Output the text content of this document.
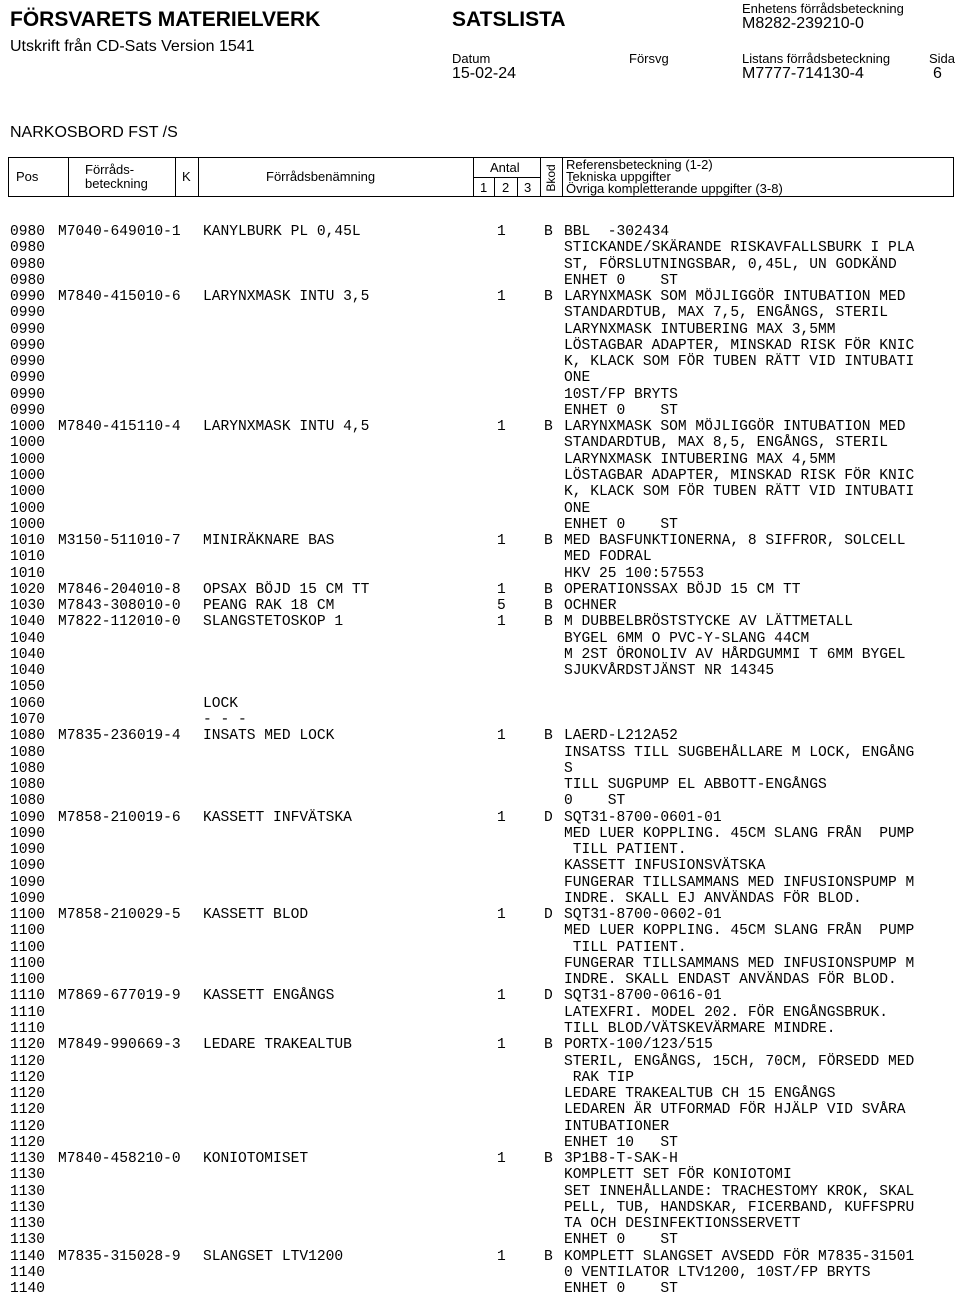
FÖRSVARETS MATERIELVERK
Utskrift från CD-Sats Version 1541
SATSLISTA	Enhetens förrådsbeteckning
M8282-239210-0
Datum
15-02-24
Försvg	Listans förrådsbeteckning
M7777-714130-4
Sida
6
NARKOSBORD FST /S
Pos	Förråds-
beteckning	K	Förrådsbenämning
Antal
1 2 3 Bkod Referensbeteckning (1-2)
Tekniska uppgifter
Övriga kompletterande uppgifter (3-8)
0980 M7040-649010-1 KANYLBURK PL 0,45L	1	B BBL  -302434
0980	STICKANDE/SKÄRANDE RISKAVFALLSBURK I PLA
0980	ST, FÖRSLUTNINGSBAR, 0,45L, UN GODKÄND
0980	ENHET 0    ST
0990 M7840-415010-6 LARYNXMASK INTU 3,5	1	B LARYNXMASK SOM MÖJLIGGÖR INTUBATION MED
0990	STANDARDTUB, MAX 7,5, ENGÅNGS, STERIL
0990	LARYNXMASK INTUBERING MAX 3,5MM
0990	LÖSTAGBAR ADAPTER, MINSKAD RISK FÖR KNIC
0990	K, KLACK SOM FÖR TUBEN RÄTT VID INTUBATI
0990	ONE
0990	10ST/FP BRYTS
0990	ENHET 0    ST
1000 M7840-415110-4 LARYNXMASK INTU 4,5	1	B LARYNXMASK SOM MÖJLIGGÖR INTUBATION MED
1000	STANDARDTUB, MAX 8,5, ENGÅNGS, STERIL
1000	LARYNXMASK INTUBERING MAX 4,5MM
1000	LÖSTAGBAR ADAPTER, MINSKAD RISK FÖR KNIC
1000	K, KLACK SOM FÖR TUBEN RÄTT VID INTUBATI
1000	ONE
1000	ENHET 0    ST
1010 M3150-511010-7 MINIRÄKNARE BAS	1	B MED BASFUNKTIONERNA, 8 SIFFROR, SOLCELL
1010	MED FODRAL
1010	HKV 25 100:57553
1020 M7846-204010-8 OPSAX BÖJD 15 CM TT	1	B OPERATIONSSAX BÖJD 15 CM TT
1030 M7843-308010-0 PEANG RAK 18 CM	5	B OCHNER
1040 M7822-112010-0 SLANGSTETOSKOP 1	1	B M DUBBELBRÖSTSTYCKE AV LÄTTMETALL
1040	BYGEL 6MM O PVC-Y-SLANG 44CM
1040	M 2ST ÖRONOLIV AV HÅRDGUMMI T 6MM BYGEL
1040	SJUKVÅRDSTJÄNST NR 14345
1050
1060	LOCK
1070	- - -
1080 M7835-236019-4 INSATS MED LOCK	1	B LAERD-L212A52
1080	INSATSS TILL SUGBEHÅLLARE M LOCK, ENGÅNG
1080	S
1080	TILL SUGPUMP EL ABBOTT-ENGÅNGS
1080	0    ST
1090 M7858-210019-6 KASSETT INFVÄTSKA	1	D SQT31-8700-0601-01
1090	MED LUER KOPPLING. 45CM SLANG FRÅN  PUMP
1090	TILL PATIENT.
1090	KASSETT INFUSIONSVÄTSKA
1090	FUNGERAR TILLSAMMANS MED INFUSIONSPUMP M
1090	INDRE. SKALL EJ ANVÄNDAS FÖR BLOD.
1100 M7858-210029-5 KASSETT BLOD	1	D SQT31-8700-0602-01
1100	MED LUER KOPPLING. 45CM SLANG FRÅN  PUMP
1100	TILL PATIENT.
1100	FUNGERAR TILLSAMMANS MED INFUSIONSPUMP M
1100	INDRE. SKALL ENDAST ANVÄNDAS FÖR BLOD.
1110 M7869-677019-9 KASSETT ENGÅNGS	1	D SQT31-8700-0616-01
1110	LATEXFRI. MODEL 202. FÖR ENGÅNGSBRUK.
1110	TILL BLOD/VÄTSKEVÄRMARE MINDRE.
1120 M7849-990669-3 LEDARE TRAKEALTUB	1	B PORTX-100/123/515
1120	STERIL, ENGÅNGS, 15CH, 70CM, FÖRSEDD MED
1120	RAK TIP
1120	LEDARE TRAKEALTUB CH 15 ENGÅNGS
1120	LEDAREN ÄR UTFORMAD FÖR HJÄLP VID SVÅRA
1120	INTUBATIONER
1120	ENHET 10   ST
1130 M7840-458210-0 KONIOTOMISET	1	B 3P1B8-T-SAK-H
1130	KOMPLETT SET FÖR KONIOTOMI
1130	SET INNEHÅLLANDE: TRACHESTOMY KROK, SKAL
1130	PELL, TUB, HANDSKAR, FICERBAND, KUFFSPRU
1130	TA OCH DESINFEKTIONSSERVETT
1130	ENHET 0    ST
1140 M7835-315028-9 SLANGSET LTV1200	1	B KOMPLETT SLANGSET AVSEDD FÖR M7835-31501
1140	0 VENTILATOR LTV1200, 10ST/FP BRYTS
1140	ENHET 0    ST
